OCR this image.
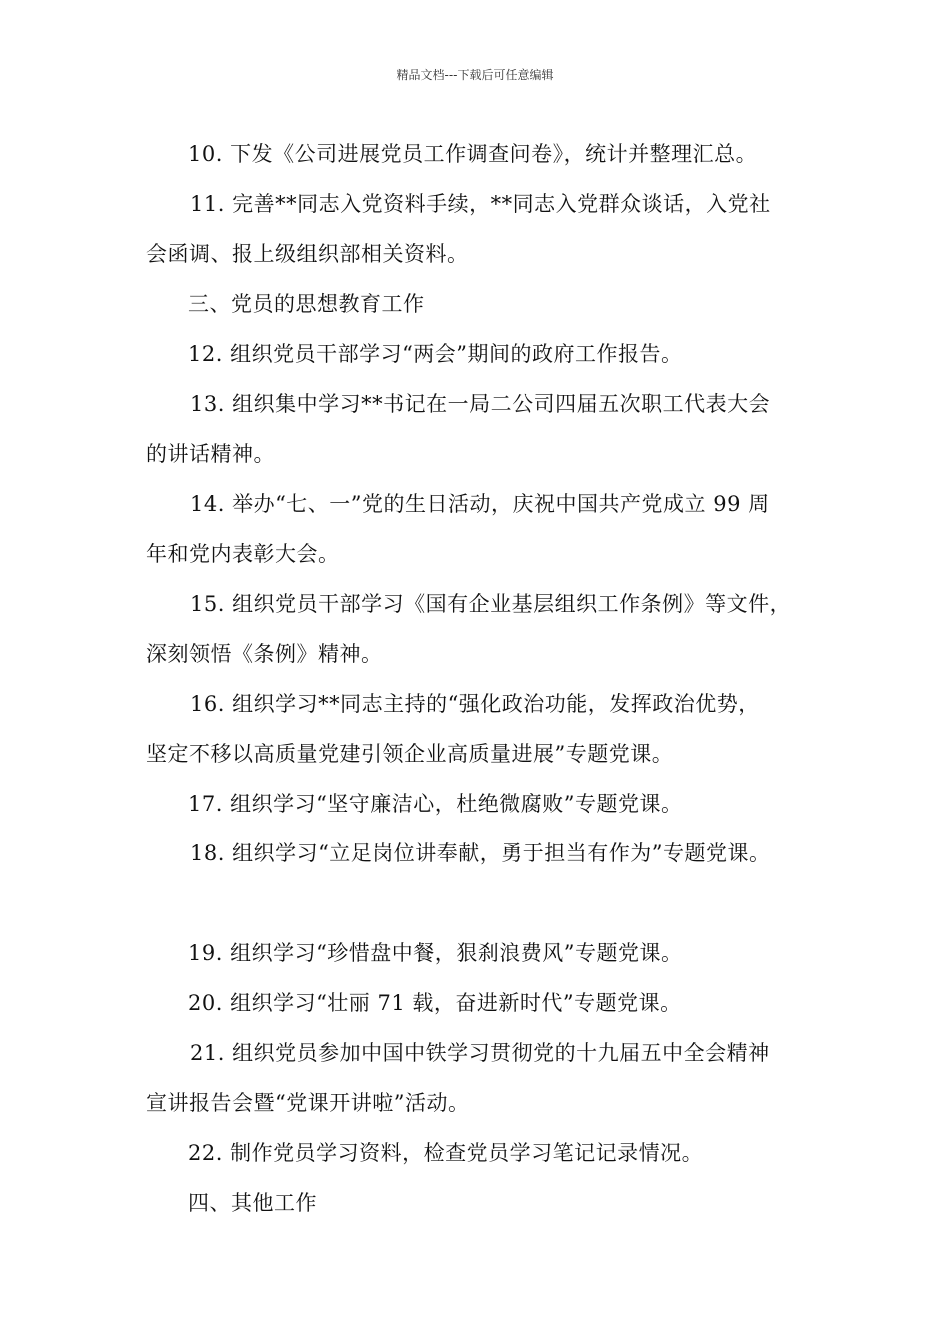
精品文档---下载后可任意编辑
10. 下发《公司进展党员工作调查问卷》，统计并整理汇总。
11. 完善**同志入党资料手续，**同志入党群众谈话，入党社
会函调、报上级组织部相关资料。
三、党员的思想教育工作
12. 组织党员干部学习“两会”期间的政府工作报告。
13. 组织集中学习**书记在一局二公司四届五次职工代表大会
的讲话精神。
14. 举办“七、一”党的生日活动，庆祝中国共产党成立 99 周
年和党内表彰大会。
15. 组织党员干部学习《国有企业基层组织工作条例》等文件，
深刻领悟《条例》精神。
16. 组织学习**同志主持的“强化政治功能，发挥政治优势，
坚定不移以高质量党建引领企业高质量进展”专题党课。
17. 组织学习“坚守廉洁心，杜绝微腐败”专题党课。
18. 组织学习“立足岗位讲奉献，勇于担当有作为”专题党课。
19. 组织学习“珍惜盘中餐，狠刹浪费风”专题党课。
20. 组织学习“壮丽 71 载，奋进新时代”专题党课。
21. 组织党员参加中国中铁学习贯彻党的十九届五中全会精神
宣讲报告会暨“党课开讲啦”活动。
22. 制作党员学习资料，检查党员学习笔记记录情况。
四、其他工作
